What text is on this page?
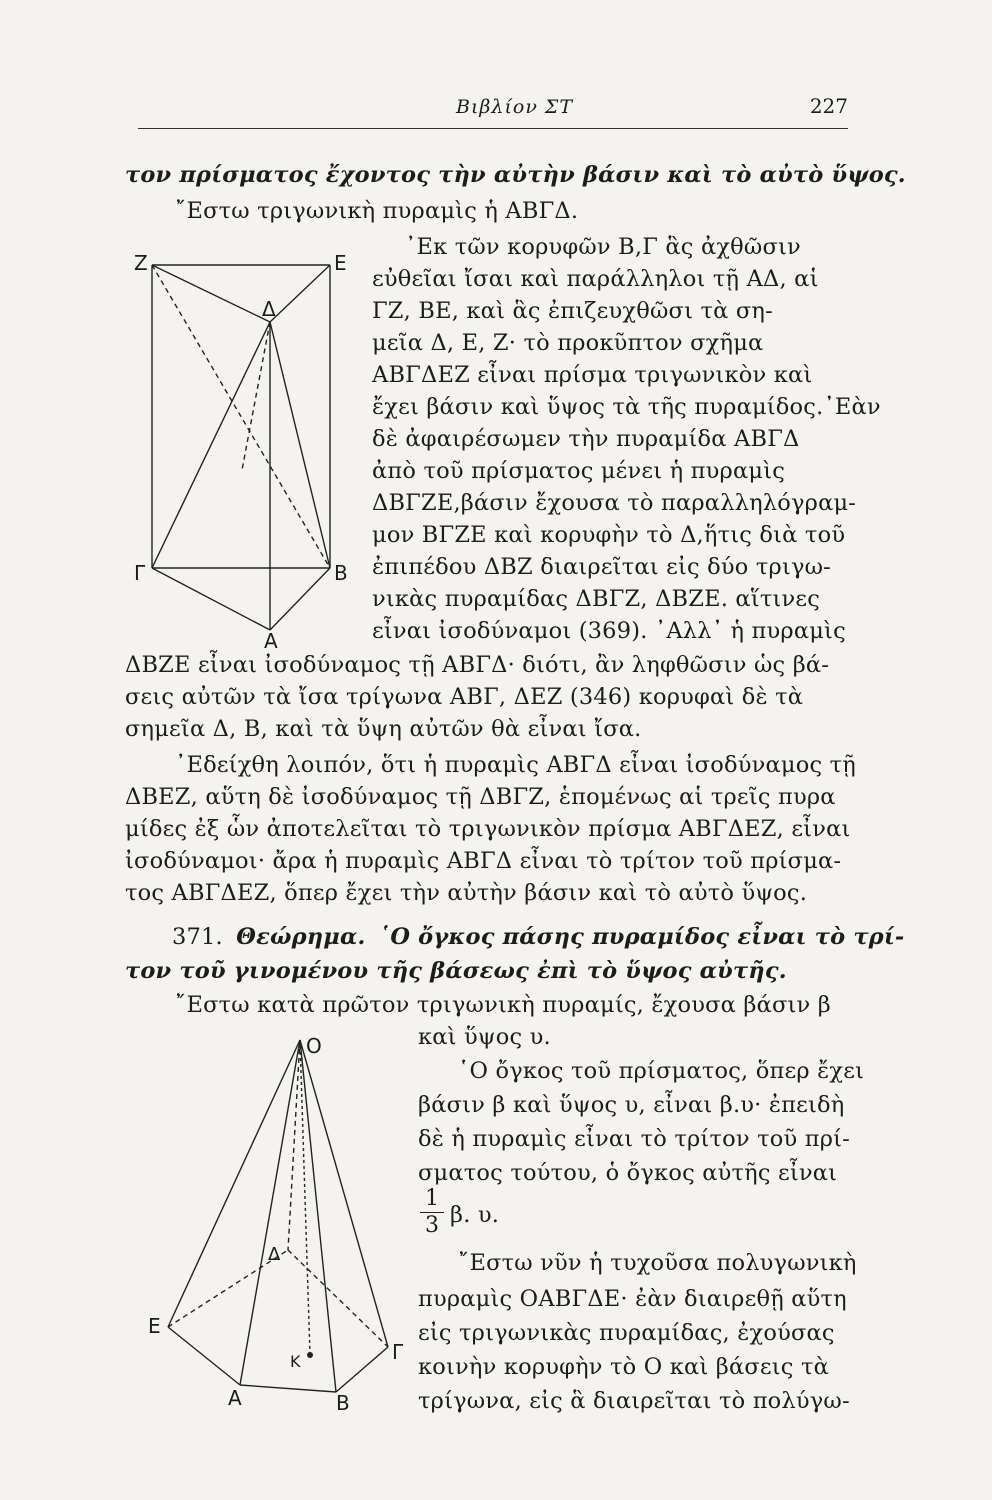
Βιβλίον ΣΤ	227
τον πρίσματος ἔχοντος τὴν αὐτὴν βάσιν καὶ τὸ αὐτὸ ὕψος.
῎Εστω τριγωνικὴ πυραμὶς ἡ ΑΒΓΔ.
᾿Εκ τῶν κορυφῶν Β,Γ ἃς ἀχθῶσιν
εὐθεῖαι ἴσαι καὶ παράλληλοι τῇ ΑΔ, αἱ
ΓΖ, ΒΕ, καὶ ἃς ἐπιζευχθῶσι τὰ ση-
μεῖα Δ, Ε, Ζ· τὸ προκῦπτον σχῆμα
ΑΒΓΔΕΖ εἶναι πρίσμα τριγωνικὸν καὶ
ἔχει βάσιν καὶ ὕψος τὰ τῆς πυραμίδος.᾿Εὰν
δὲ ἀφαιρέσωμεν τὴν πυραμίδα ΑΒΓΔ
ἀπὸ τοῦ πρίσματος μένει ἡ πυραμὶς
ΔΒΓΖΕ,βάσιν ἔχουσα τὸ παραλληλόγραμ-
μον ΒΓΖΕ καὶ κορυφὴν τὸ Δ,ἥτις διὰ τοῦ
ἐπιπέδου ΔΒΖ διαιρεῖται εἰς δύο τριγω-
νικὰς πυραμίδας ΔΒΓΖ, ΔΒΖΕ. αἵτινες
εἶναι ἰσοδύναμοι (369). ᾿Αλλ᾿ ἡ πυραμὶς
ΔΒΖΕ εἶναι ἰσοδύναμος τῇ ΑΒΓΔ· διότι, ἂν ληφθῶσιν ὡς βά-
σεις αὐτῶν τὰ ἴσα τρίγωνα ΑΒΓ, ΔΕΖ (346) κορυφαὶ δὲ τὰ
σημεῖα Δ, Β, καὶ τὰ ὕψη αὐτῶν θὰ εἶναι ἴσα.
᾿Εδείχθη λοιπόν, ὅτι ἡ πυραμὶς ΑΒΓΔ εἶναι ἰσοδύναμος τῇ
ΔΒΕΖ, αὕτη δὲ ἰσοδύναμος τῇ ΔΒΓΖ, ἑπομένως αἱ τρεῖς πυρα
μίδες ἐξ ὧν ἀποτελεῖται τὸ τριγωνικὸν πρίσμα ΑΒΓΔΕΖ, εἶναι
ἰσοδύναμοι· ἄρα ἡ πυραμὶς ΑΒΓΔ εἶναι τὸ τρίτον τοῦ πρίσμα-
τος ΑΒΓΔΕΖ, ὅπερ ἔχει τὴν αὐτὴν βάσιν καὶ τὸ αὐτὸ ὕψος.
371. Θεώρημα. ῾Ο ὄγκος πάσης πυραμίδος εἶναι τὸ τρί-
τον τοῦ γινομένου τῆς βάσεως ἐπὶ τὸ ὕψος αὐτῆς.
῎Εστω κατὰ πρῶτον τριγωνικὴ πυραμίς, ἔχουσα βάσιν β
καὶ ὕψος υ.
῾Ο ὄγκος τοῦ πρίσματος, ὅπερ ἔχει
βάσιν β καὶ ὕψος υ, εἶναι β.υ· ἐπειδὴ
δὲ ἡ πυραμὶς εἶναι τὸ τρίτον τοῦ πρί-
σματος τούτου, ὁ ὄγκος αὐτῆς εἶναι
$\frac{1}{3} \beta$. υ.
῎Εστω νῦν ἡ τυχοῦσα πολυγωνικὴ
πυραμὶς ΟΑΒΓΔΕ· ἐὰν διαιρεθῇ αὕτη
εἰς τριγωνικὰς πυραμίδας, ἐχούσας
κοινὴν κορυφὴν τὸ Ο καὶ βάσεις τὰ
τρίγωνα, εἰς ἃ διαιρεῖται τὸ πολύγω-
Z	E
Δ
Γ	B
A
O
Δ
Ε
K	Γ
A	B
